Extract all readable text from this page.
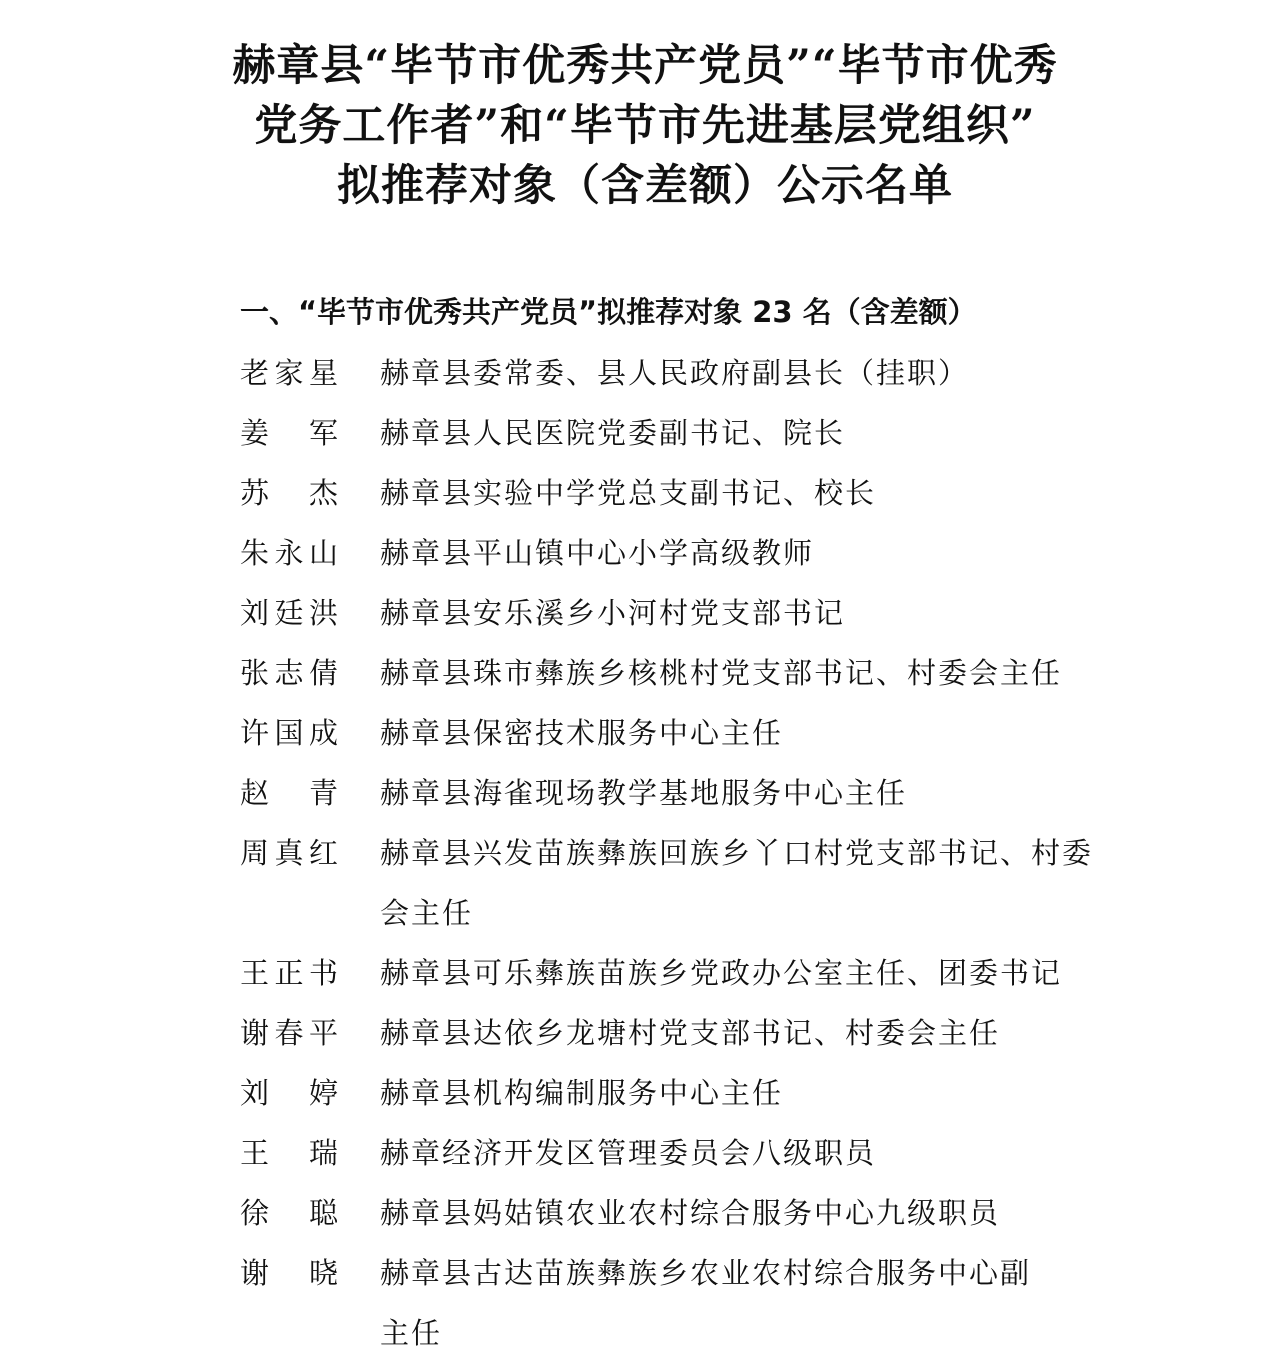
赫章县“毕节市优秀共产党员”“毕节市优秀
党务工作者”和“毕节市先进基层党组织”
拟推荐对象（含差额）公示名单
一、“毕节市优秀共产党员”拟推荐对象 23 名（含差额）
老 家 星 赫章县委常委、县人民政府副县长（挂职）
姜 军 赫章县人民医院党委副书记、院长
苏 杰 赫章县实验中学党总支副书记、校长
朱 永 山 赫章县平山镇中心小学高级教师
刘 廷 洪 赫章县安乐溪乡小河村党支部书记
张 志 倩 赫章县珠市彝族乡核桃村党支部书记、村委会主任
许 国 成 赫章县保密技术服务中心主任
赵 青 赫章县海雀现场教学基地服务中心主任
周 真 红 赫章县兴发苗族彝族回族乡丫口村党支部书记、村委
会主任
王 正 书 赫章县可乐彝族苗族乡党政办公室主任、团委书记
谢 春 平 赫章县达依乡龙塘村党支部书记、村委会主任
刘 婷 赫章县机构编制服务中心主任
王 瑞 赫章经济开发区管理委员会八级职员
徐 聪 赫章县妈姑镇农业农村综合服务中心九级职员
谢 晓 赫章县古达苗族彝族乡农业农村综合服务中心副
主任
